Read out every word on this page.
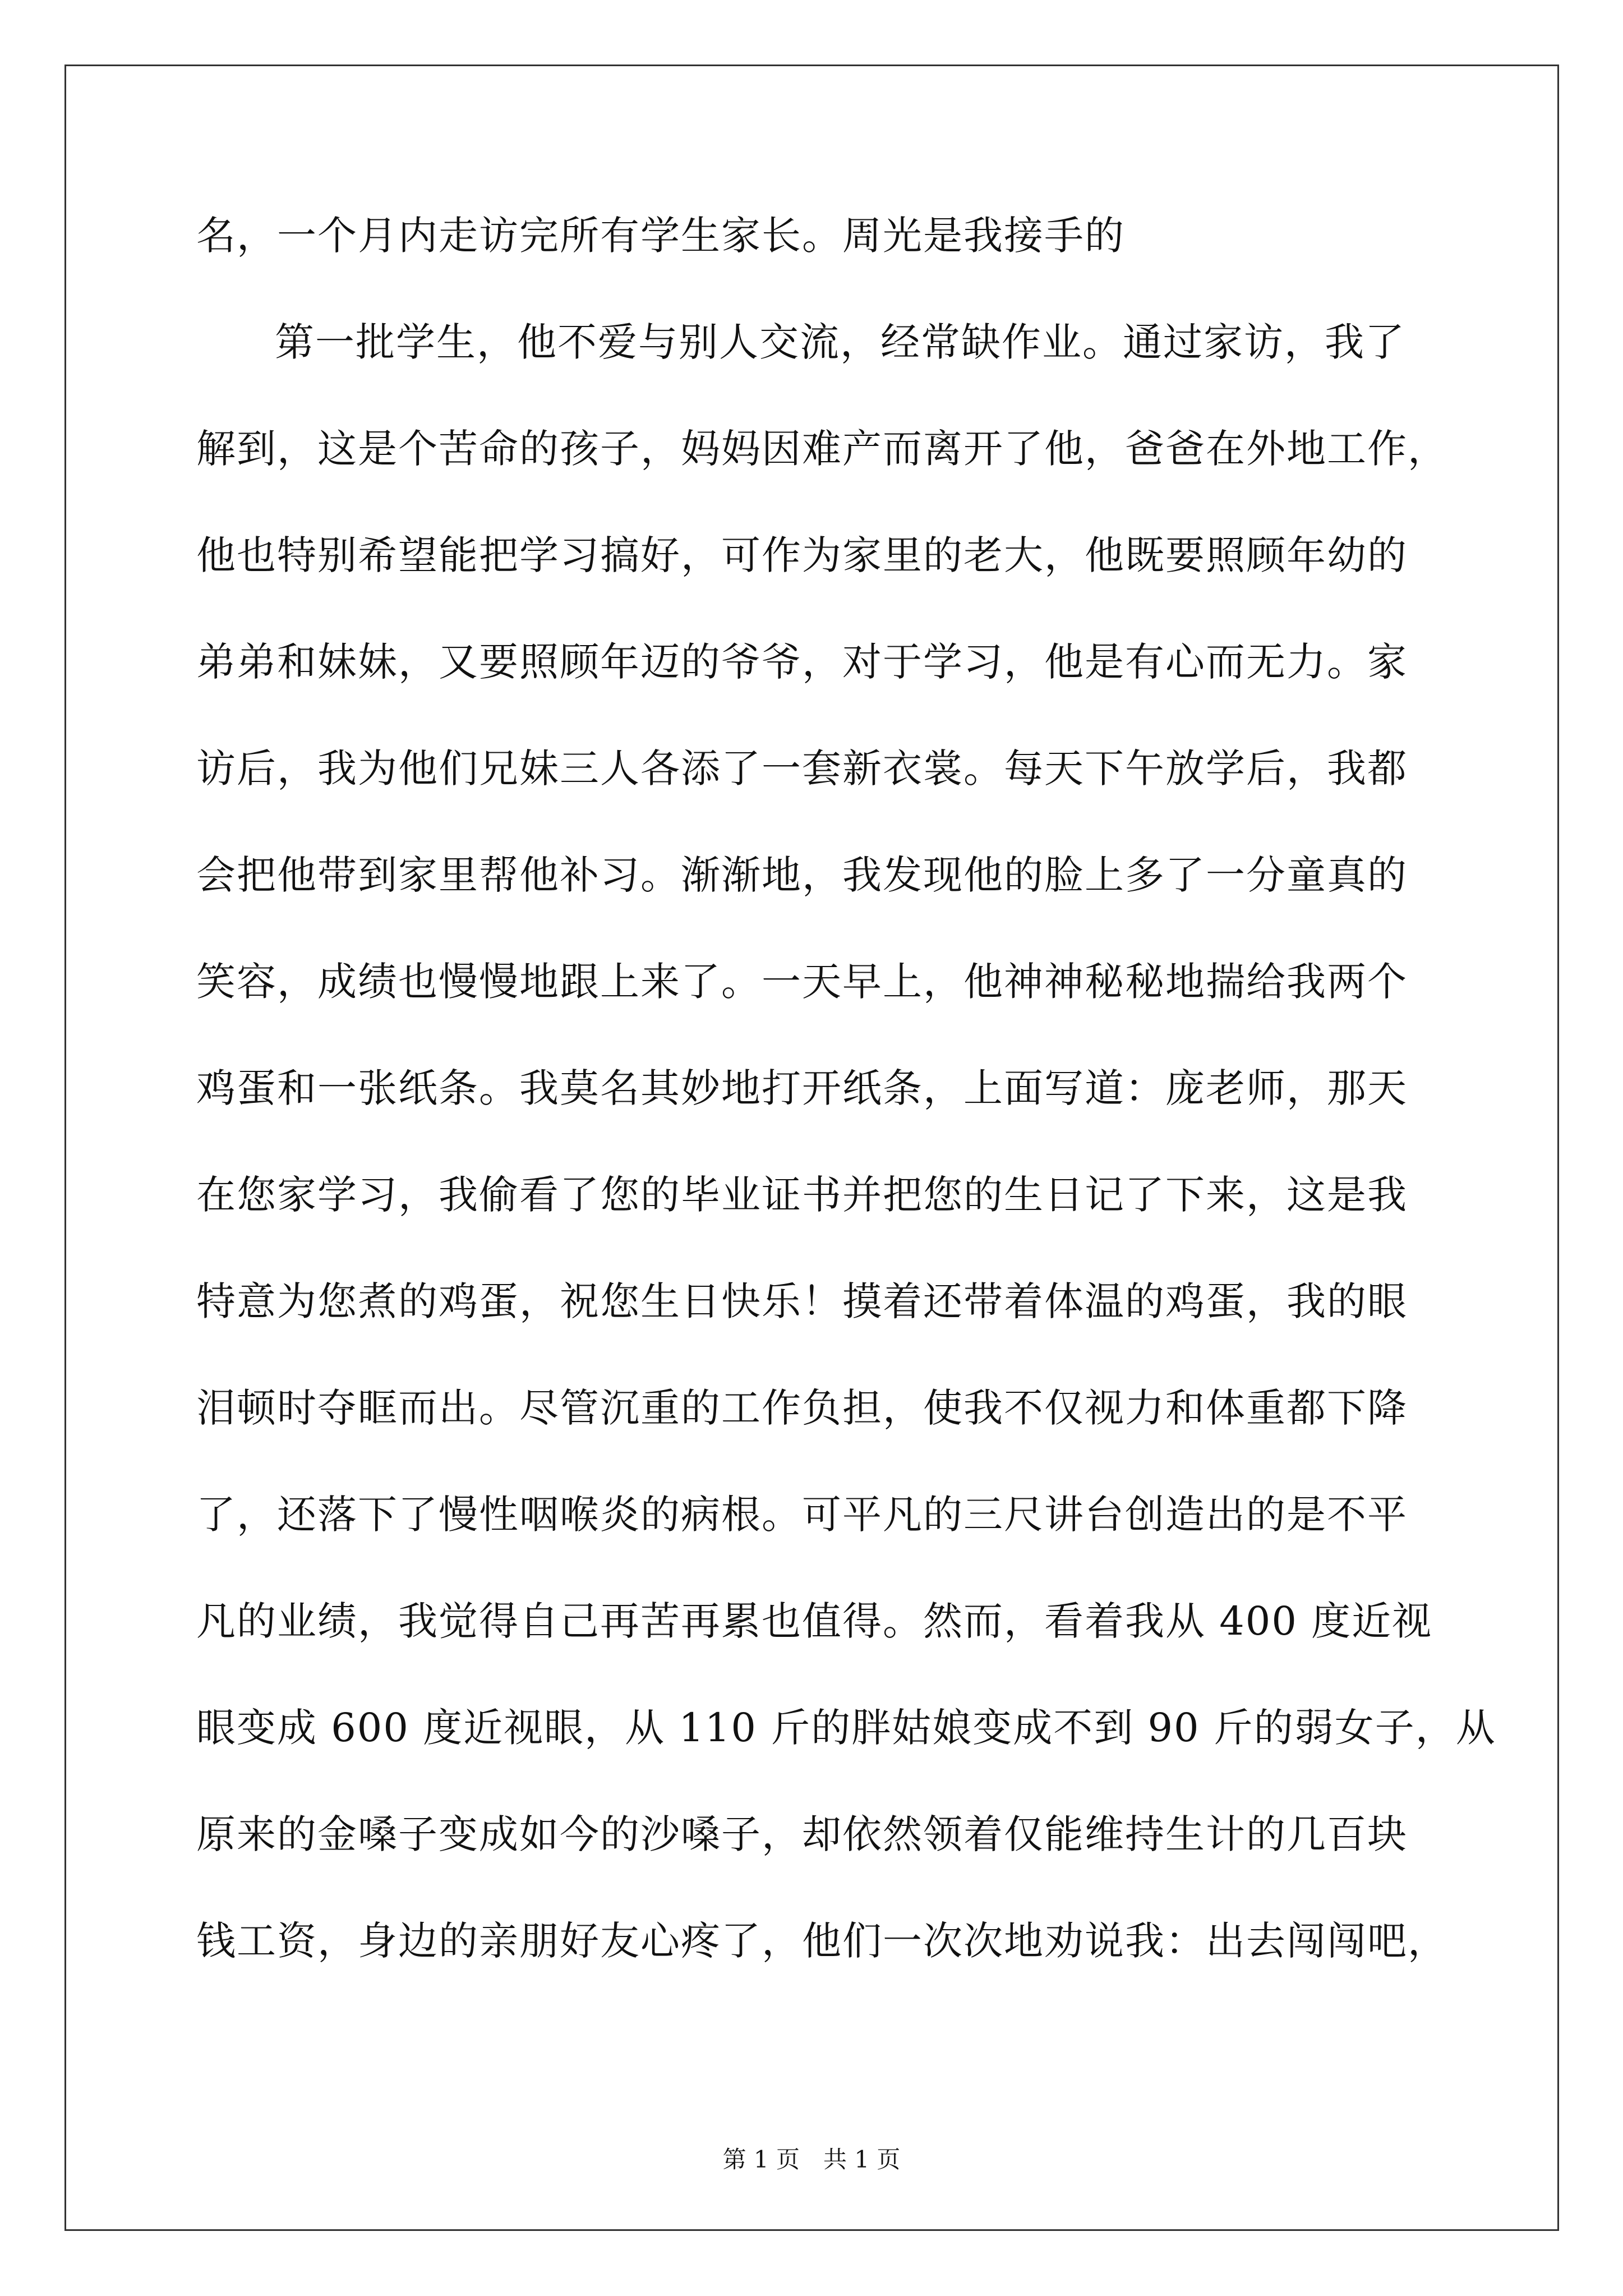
名，一个月内走访完所有学生家长。周光是我接手的
第一批学生，他不爱与别人交流，经常缺作业。通过家访，我了
解到，这是个苦命的孩子，妈妈因难产而离开了他，爸爸在外地工作，
他也特别希望能把学习搞好，可作为家里的老大，他既要照顾年幼的
弟弟和妹妹，又要照顾年迈的爷爷，对于学习，他是有心而无力。家
访后，我为他们兄妹三人各添了一套新衣裳。每天下午放学后，我都
会把他带到家里帮他补习。渐渐地，我发现他的脸上多了一分童真的
笑容，成绩也慢慢地跟上来了。一天早上，他神神秘秘地揣给我两个
鸡蛋和一张纸条。我莫名其妙地打开纸条，上面写道：庞老师，那天
在您家学习，我偷看了您的毕业证书并把您的生日记了下来，这是我
特意为您煮的鸡蛋，祝您生日快乐！摸着还带着体温的鸡蛋，我的眼
泪顿时夺眶而出。尽管沉重的工作负担，使我不仅视力和体重都下降
了，还落下了慢性咽喉炎的病根。可平凡的三尺讲台创造出的是不平
凡的业绩，我觉得自己再苦再累也值得。然而，看着我从 400 度近视
眼变成 600 度近视眼，从 110 斤的胖姑娘变成不到 90 斤的弱女子，从
原来的金嗓子变成如今的沙嗓子，却依然领着仅能维持生计的几百块
钱工资，身边的亲朋好友心疼了，他们一次次地劝说我：出去闯闯吧，
第 1 页　共 1 页
